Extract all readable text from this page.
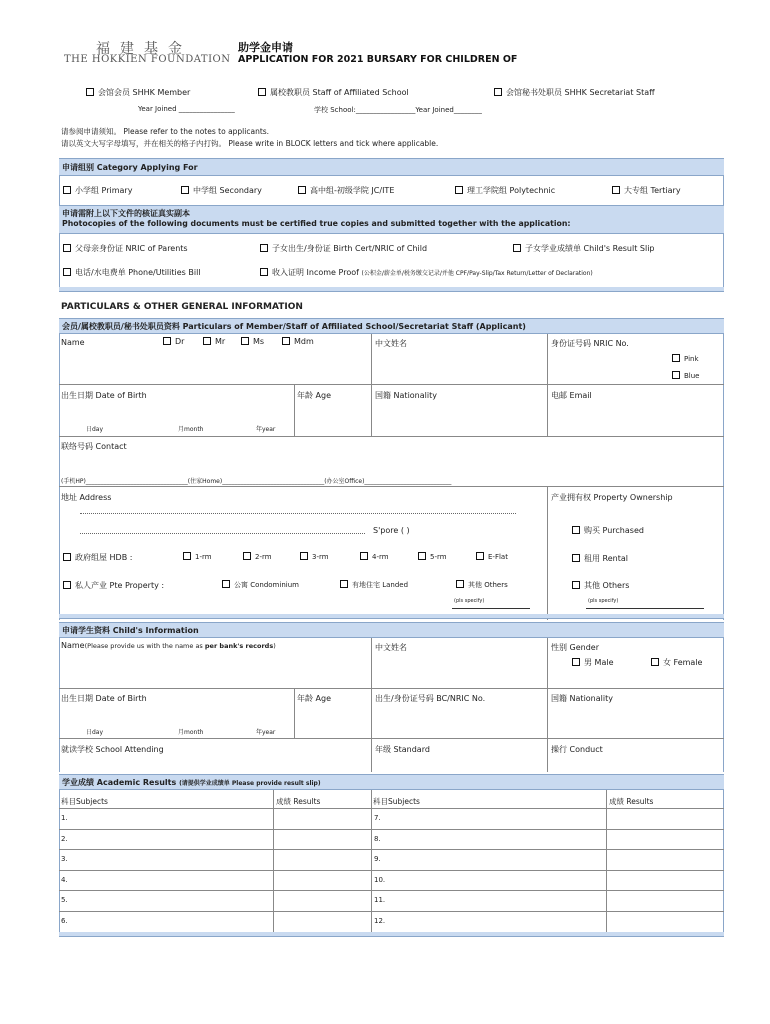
福建基金
THE HOKKIEN FOUNDATION
助学金申请
APPLICATION FOR 2021 BURSARY FOR CHILDREN OF
会馆会员 SHHK Member	属校教职员 Staff of Affiliated School	会馆秘书处职员 SHHK Secretariat Staff
Year Joined ________________	学校 School:_________________Year Joined________
请参阅申请须知。 Please refer to the notes to applicants.
请以英文大写字母填写，并在相关的格子内打钩。 Please write in BLOCK letters and tick where applicable.
申请组别 Category Applying For
小学组 Primary	中学组 Secondary	高中组-初级学院 JC/ITE	理工学院组 Polytechnic	大专组 Tertiary
申请需附上以下文件的核证真实副本
Photocopies of the following documents must be certified true copies and submitted together with the application:
父母亲身份证 NRIC of Parents	子女出生/身份证 Birth Cert/NRIC of Child	子女学业成绩单 Child's Result Slip
电话/水电费单 Phone/Utilities Bill	收入证明 Income Proof (公积金/薪金单/税务缴交记录/并他 CPF/Pay-Slip/Tax Return/Letter of Declaration)
PARTICULARS & OTHER GENERAL INFORMATION
会员/属校教职员/秘书处职员资料 Particulars of Member/Staff of Affiliated School/Secretariat Staff (Applicant)
Name	Dr	Mr	Ms	Mdm	中文姓名	身份证号码 NRIC No.
Pink
Blue
出生日期 Date of Birth
日day	月month	年year
年龄 Age	国籍 Nationality	电邮 Email
联络号码 Contact
(手机HP)__________________________________(住家Home)__________________________________(办公室Office)_____________________________
地址 Address
S'pore ( )
产业拥有权 Property Ownership
购买 Purchased
租用 Rental
其他 Others
(pls specify)
政府组屋 HDB :	1-rm	2-rm	3-rm	4-rm	5-rm	E-Flat
私人产业 Pte Property :	公寓 Condominium	有地住宅 Landed	其他 Others
(pls specify)
申请学生资料 Child's Information
Name(Please provide us with the name as per bank's records)	中文姓名	性别 Gender
男 Male	女 Female
出生日期 Date of Birth
日day	月month	年year
年龄 Age	出生/身份证号码 BC/NRIC No.	国籍 Nationality
就读学校 School Attending	年级 Standard	操行 Conduct
学业成绩 Academic Results (请提供学业成绩单 Please provide result slip)
科目Subjects	成绩 Results	科目Subjects	成绩 Results
1.	7.
2.	8.
3.	9.
4.	10.
5.	11.
6.	12.
